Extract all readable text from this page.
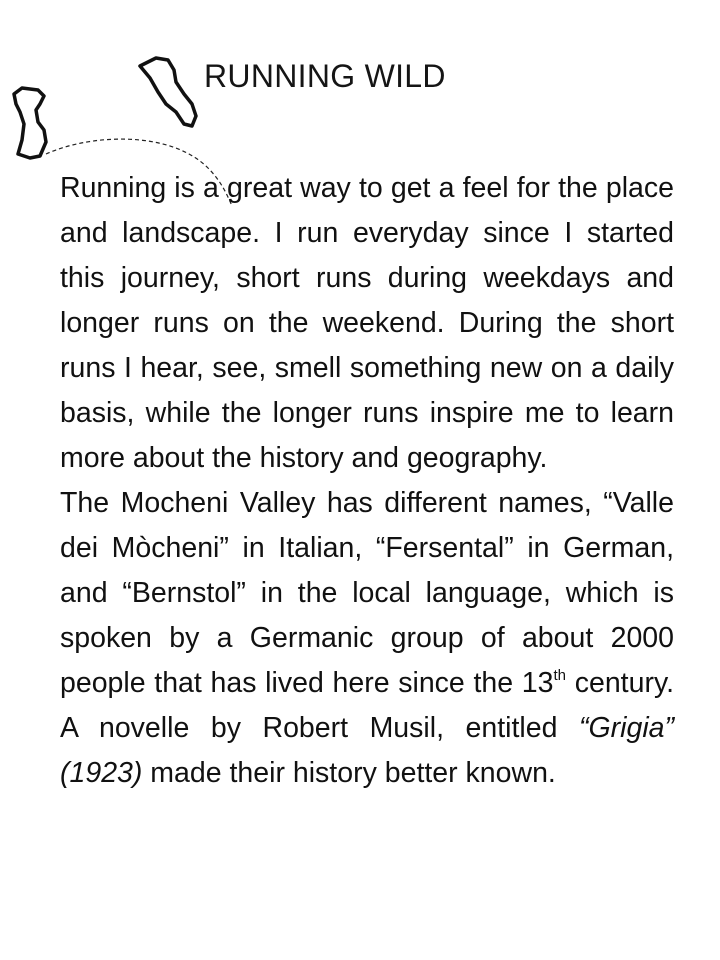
RUNNING WILD

Running is a great way to get a feel for the place and landscape. I run everyday since I started this journey, short runs during weekdays and longer runs on the weekend. During the short runs I hear, see, smell something new on a daily basis, while the longer runs inspire me to learn more about the history and geography.

The Mocheni Valley has different names, “Valle dei Mòcheni” in Italian, “Fersental” in German, and “Bernstol” in the local language, which is spoken by a Germanic group of about 2000 people that has lived here since the 13th century. A novelle by Robert Musil, entitled “Grigia” (1923) made their history better known.
